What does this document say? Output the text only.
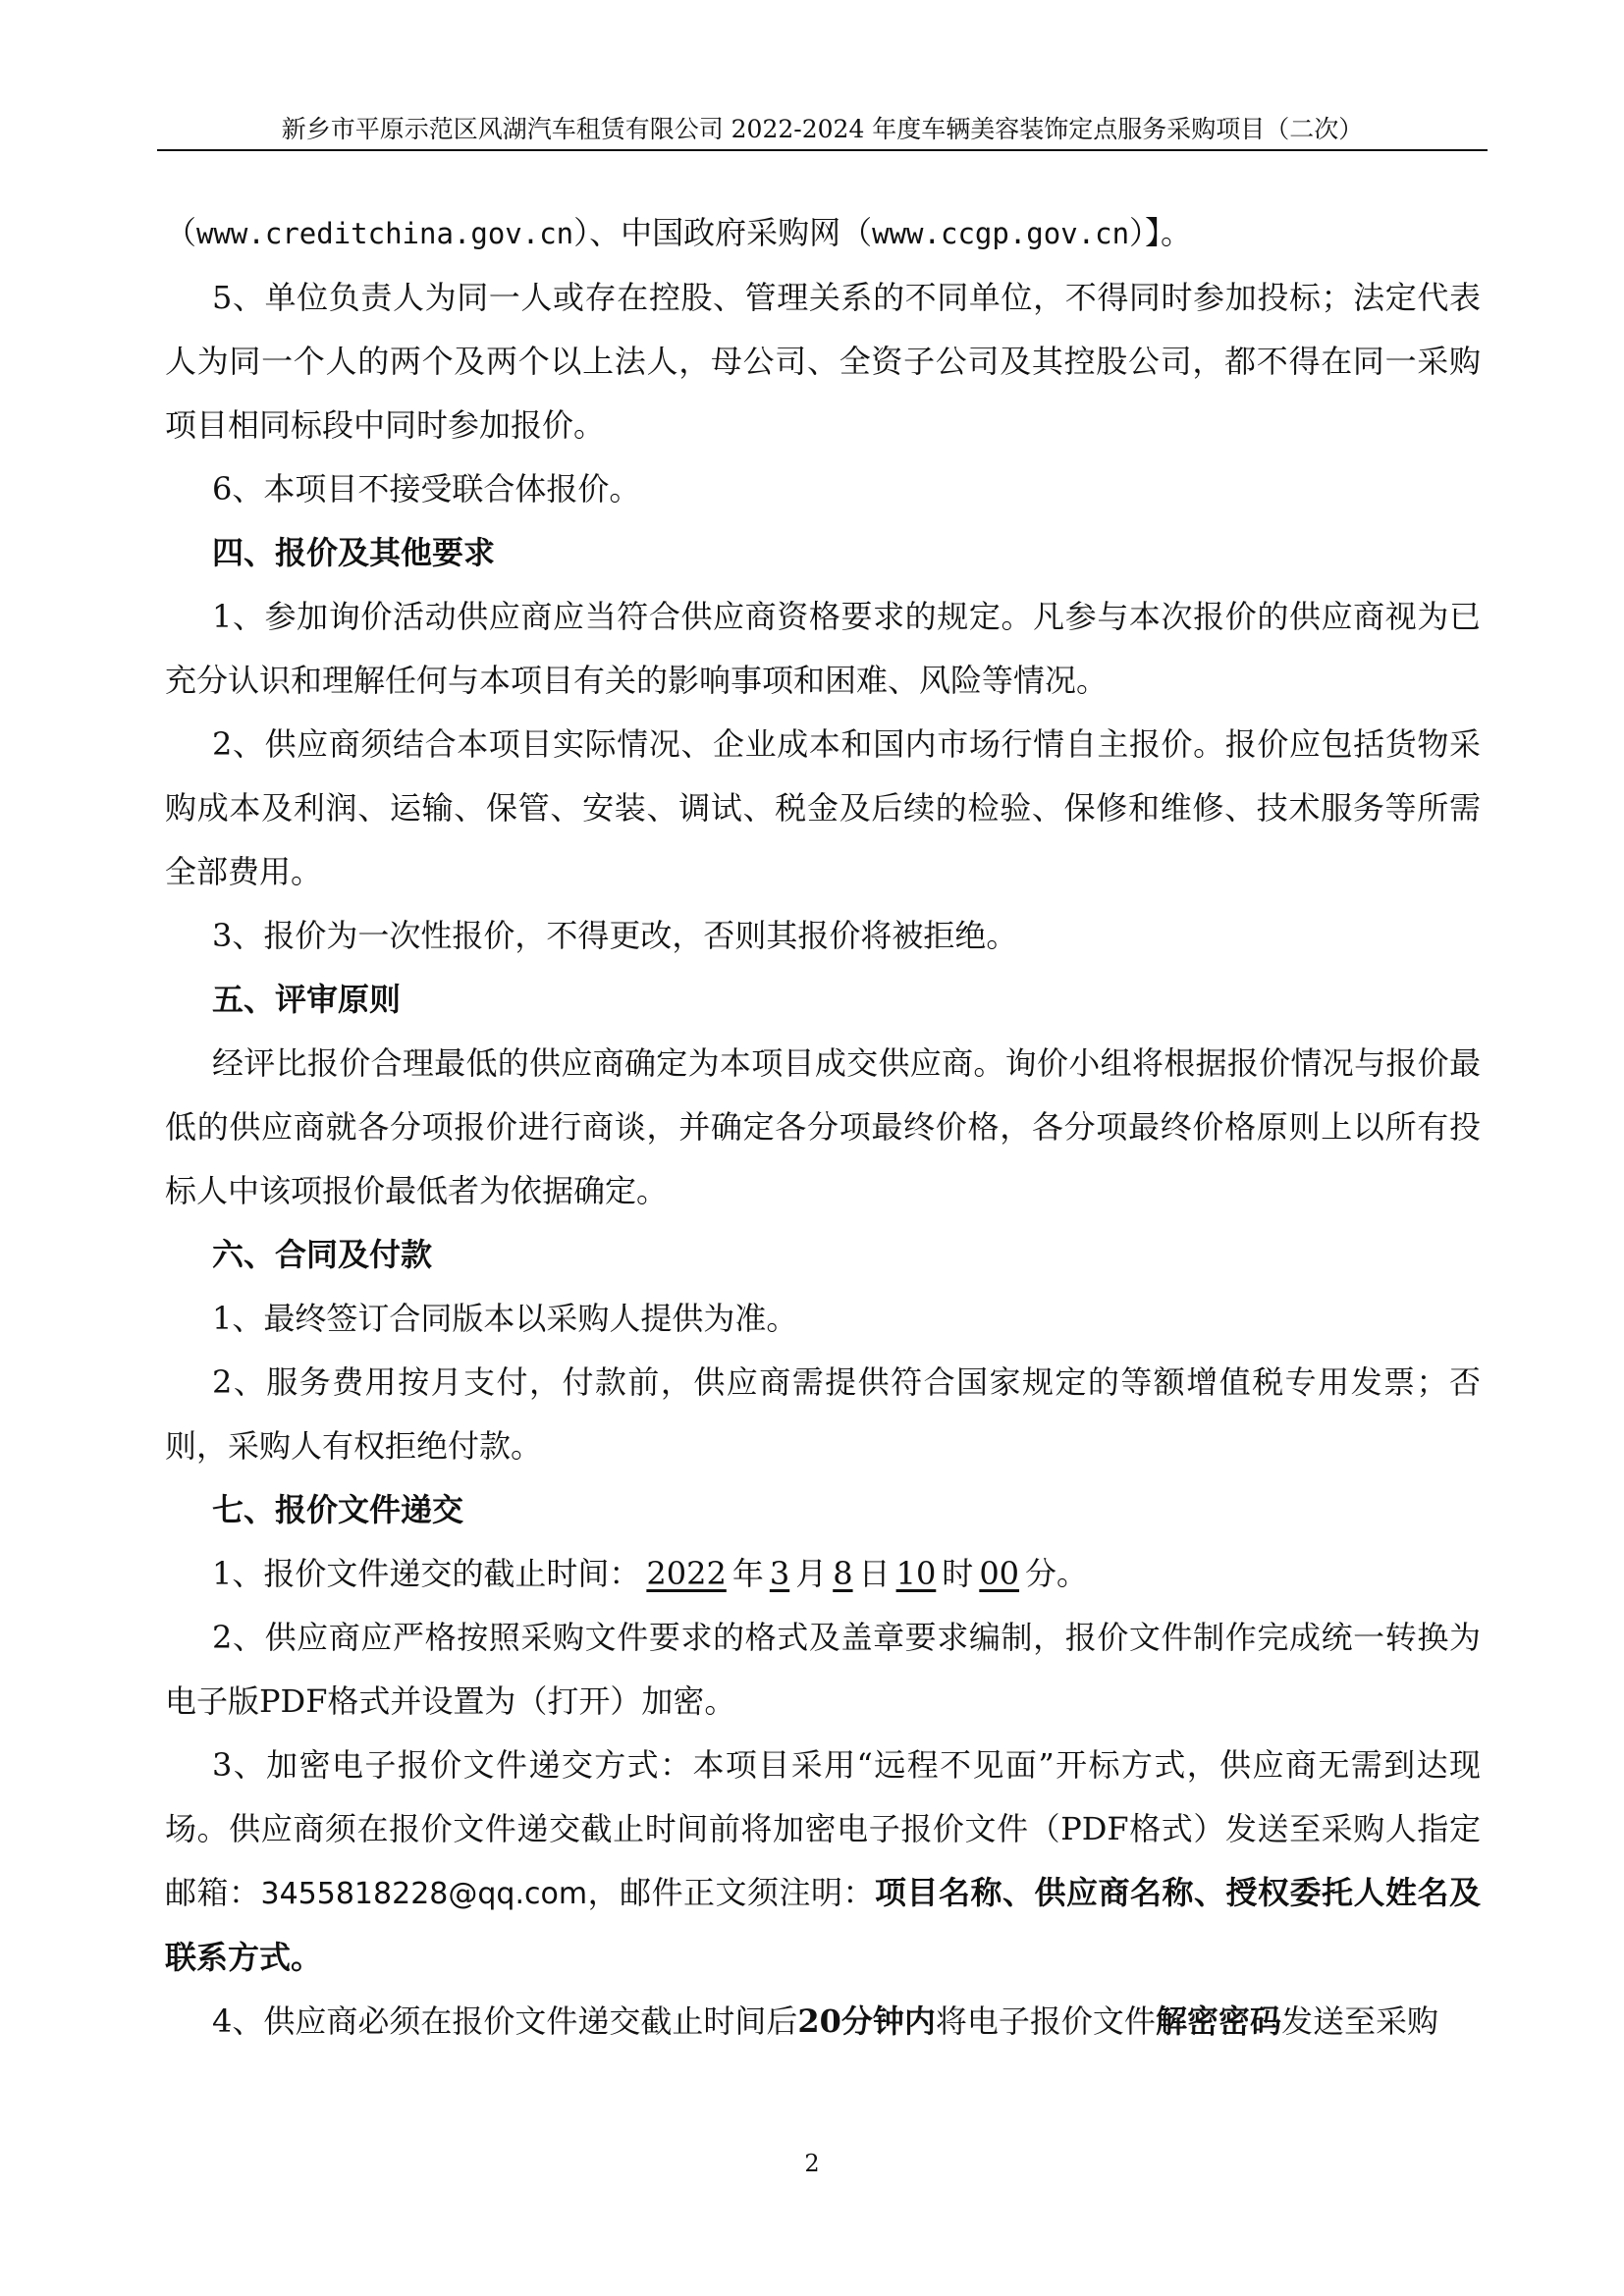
新乡市平原示范区风湖汽车租赁有限公司 2022-2024 年度车辆美容装饰定点服务采购项目（二次）

（www.creditchina.gov.cn）、中国政府采购网（www.ccgp.gov.cn）】。

5、单位负责人为同一人或存在控股、管理关系的不同单位，不得同时参加投标；法定代表人为同一个人的两个及两个以上法人，母公司、全资子公司及其控股公司，都不得在同一采购项目相同标段中同时参加报价。

6、本项目不接受联合体报价。

四、报价及其他要求

1、参加询价活动供应商应当符合供应商资格要求的规定。凡参与本次报价的供应商视为已充分认识和理解任何与本项目有关的影响事项和困难、风险等情况。

2、供应商须结合本项目实际情况、企业成本和国内市场行情自主报价。报价应包括货物采购成本及利润、运输、保管、安装、调试、税金及后续的检验、保修和维修、技术服务等所需全部费用。

3、报价为一次性报价，不得更改，否则其报价将被拒绝。

五、评审原则

经评比报价合理最低的供应商确定为本项目成交供应商。询价小组将根据报价情况与报价最低的供应商就各分项报价进行商谈，并确定各分项最终价格，各分项最终价格原则上以所有投标人中该项报价最低者为依据确定。

六、合同及付款

1、最终签订合同版本以采购人提供为准。

2、服务费用按月支付，付款前，供应商需提供符合国家规定的等额增值税专用发票；否则，采购人有权拒绝付款。

七、报价文件递交

1、报价文件递交的截止时间： 2022 年 3 月 8 日 10 时 00 分。

2、供应商应严格按照采购文件要求的格式及盖章要求编制，报价文件制作完成统一转换为电子版PDF格式并设置为（打开）加密。

3、加密电子报价文件递交方式：本项目采用“远程不见面”开标方式，供应商无需到达现场。供应商须在报价文件递交截止时间前将加密电子报价文件（PDF格式）发送至采购人指定邮箱：3455818228@qq.com，邮件正文须注明：项目名称、供应商名称、授权委托人姓名及联系方式。

4、供应商必须在报价文件递交截止时间后20分钟内将电子报价文件解密密码发送至采购

2
